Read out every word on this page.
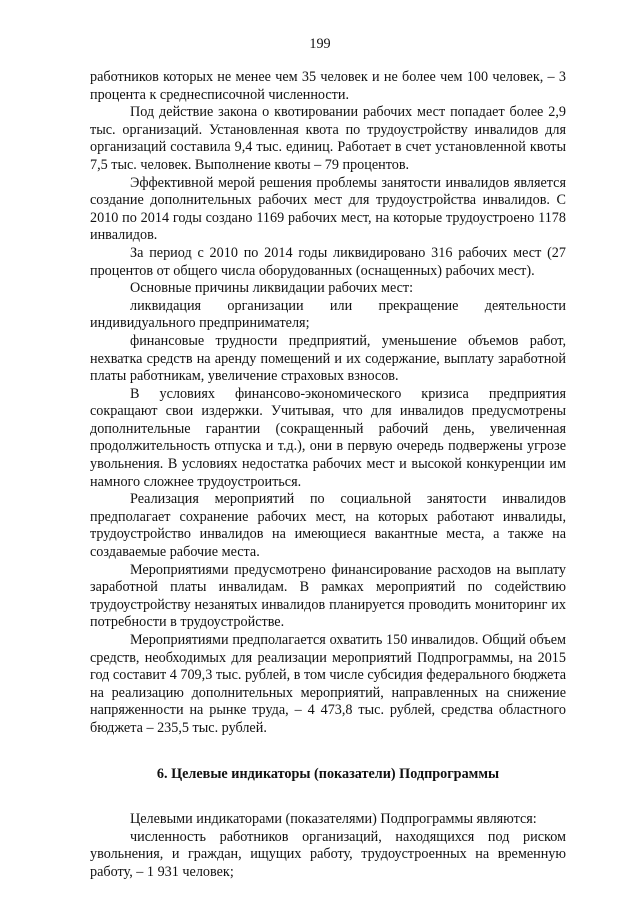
199

работников которых не менее чем 35 человек и не более чем 100 человек, – 3 процента к среднесписочной численности.

Под действие закона о квотировании рабочих мест попадает более 2,9 тыс. организаций. Установленная квота по трудоустройству инвалидов для организаций составила 9,4 тыс. единиц. Работает в счет установленной квоты 7,5 тыс. человек. Выполнение квоты – 79 процентов.

Эффективной мерой решения проблемы занятости инвалидов является создание дополнительных рабочих мест для трудоустройства инвалидов. С 2010 по 2014 годы создано 1169 рабочих мест, на которые трудоустроено 1178 инвалидов.

За период с 2010 по 2014 годы ликвидировано 316 рабочих мест (27 процентов от общего числа оборудованных (оснащенных) рабочих мест).

Основные причины ликвидации рабочих мест:

ликвидация организации или прекращение деятельности индивидуального предпринимателя;

финансовые трудности предприятий, уменьшение объемов работ, нехватка средств на аренду помещений и их содержание, выплату заработной платы работникам, увеличение страховых взносов.

В условиях финансово-экономического кризиса предприятия сокращают свои издержки. Учитывая, что для инвалидов предусмотрены дополнительные гарантии (сокращенный рабочий день, увеличенная продолжительность отпуска и т.д.), они в первую очередь подвержены угрозе увольнения. В условиях недостатка рабочих мест и высокой конкуренции им намного сложнее трудоустроиться.

Реализация мероприятий по социальной занятости инвалидов предполагает сохранение рабочих мест, на которых работают инвалиды, трудоустройство инвалидов на имеющиеся вакантные места, а также на создаваемые рабочие места.

Мероприятиями предусмотрено финансирование расходов на выплату заработной платы инвалидам. В рамках мероприятий по содействию трудоустройству незанятых инвалидов планируется проводить мониторинг их потребности в трудоустройстве.

Мероприятиями предполагается охватить 150 инвалидов. Общий объем средств, необходимых для реализации мероприятий Подпрограммы, на 2015 год составит 4 709,3 тыс. рублей, в том числе субсидия федерального бюджета на реализацию дополнительных мероприятий, направленных на снижение напряженности на рынке труда, – 4 473,8 тыс. рублей, средства областного бюджета – 235,5 тыс. рублей.

6. Целевые индикаторы (показатели) Подпрограммы

Целевыми индикаторами (показателями) Подпрограммы являются:

численность работников организаций, находящихся под риском увольнения, и граждан, ищущих работу, трудоустроенных на временную работу, – 1 931 человек;
